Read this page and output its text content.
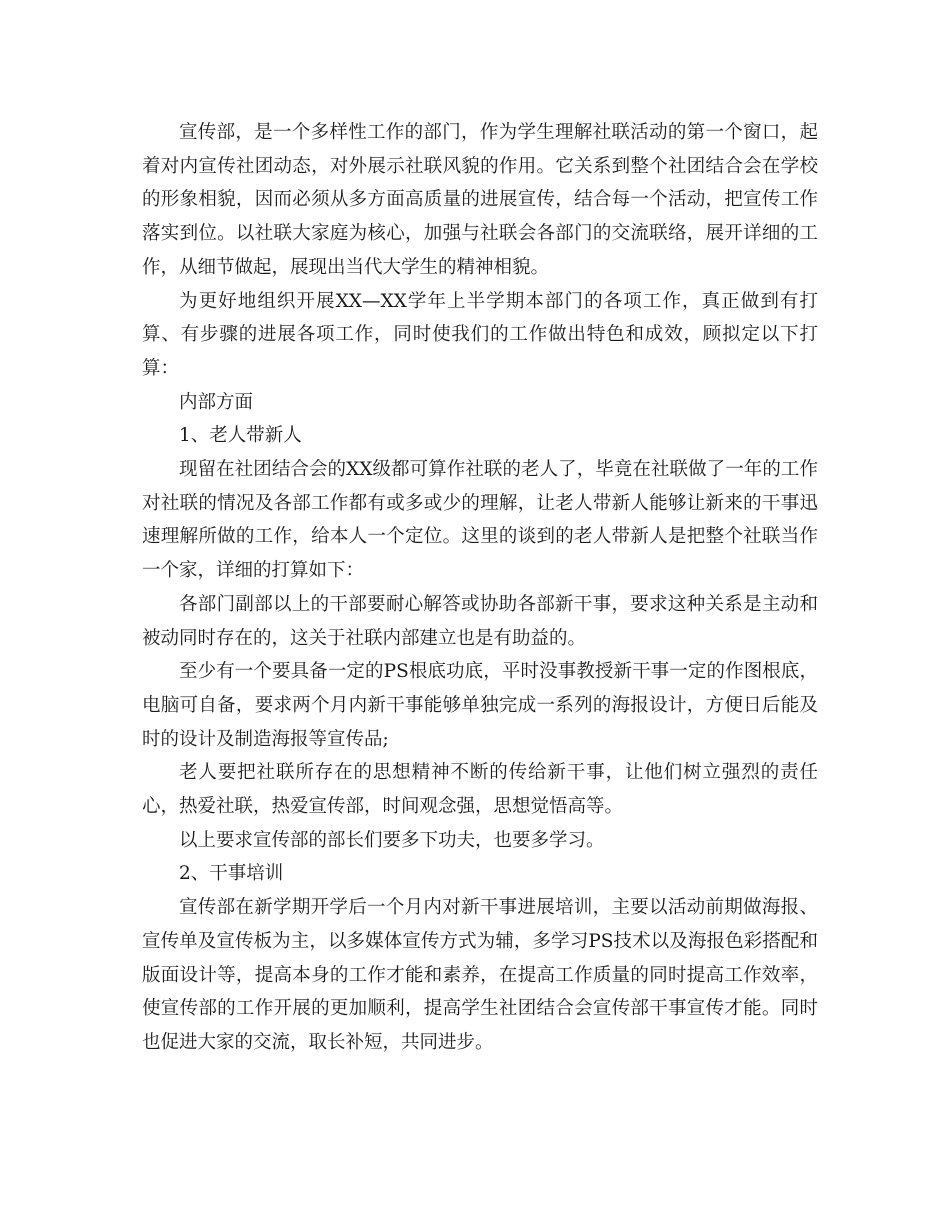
宣传部，是一个多样性工作的部门，作为学生理解社联活动的第一个窗口，起着对内宣传社团动态，对外展示社联风貌的作用。它关系到整个社团结合会在学校的形象相貌，因而必须从多方面高质量的进展宣传，结合每一个活动，把宣传工作落实到位。以社联大家庭为核心，加强与社联会各部门的交流联络，展开详细的工作，从细节做起，展现出当代大学生的精神相貌。

为更好地组织开展XX—XX学年上半学期本部门的各项工作，真正做到有打算、有步骤的进展各项工作，同时使我们的工作做出特色和成效，顾拟定以下打算：

内部方面

1、老人带新人

现留在社团结合会的XX级都可算作社联的老人了，毕竟在社联做了一年的工作对社联的情况及各部工作都有或多或少的理解，让老人带新人能够让新来的干事迅速理解所做的工作，给本人一个定位。这里的谈到的老人带新人是把整个社联当作一个家，详细的打算如下：

各部门副部以上的干部要耐心解答或协助各部新干事，要求这种关系是主动和被动同时存在的，这关于社联内部建立也是有助益的。

至少有一个要具备一定的PS根底功底，平时没事教授新干事一定的作图根底，电脑可自备，要求两个月内新干事能够单独完成一系列的海报设计，方便日后能及时的设计及制造海报等宣传品;

老人要把社联所存在的思想精神不断的传给新干事，让他们树立强烈的责任心，热爱社联，热爱宣传部，时间观念强，思想觉悟高等。

以上要求宣传部的部长们要多下功夫，也要多学习。

2、干事培训

宣传部在新学期开学后一个月内对新干事进展培训，主要以活动前期做海报、宣传单及宣传板为主，以多媒体宣传方式为辅，多学习PS技术以及海报色彩搭配和版面设计等，提高本身的工作才能和素养，在提高工作质量的同时提高工作效率，使宣传部的工作开展的更加顺利，提高学生社团结合会宣传部干事宣传才能。同时也促进大家的交流，取长补短，共同进步。
